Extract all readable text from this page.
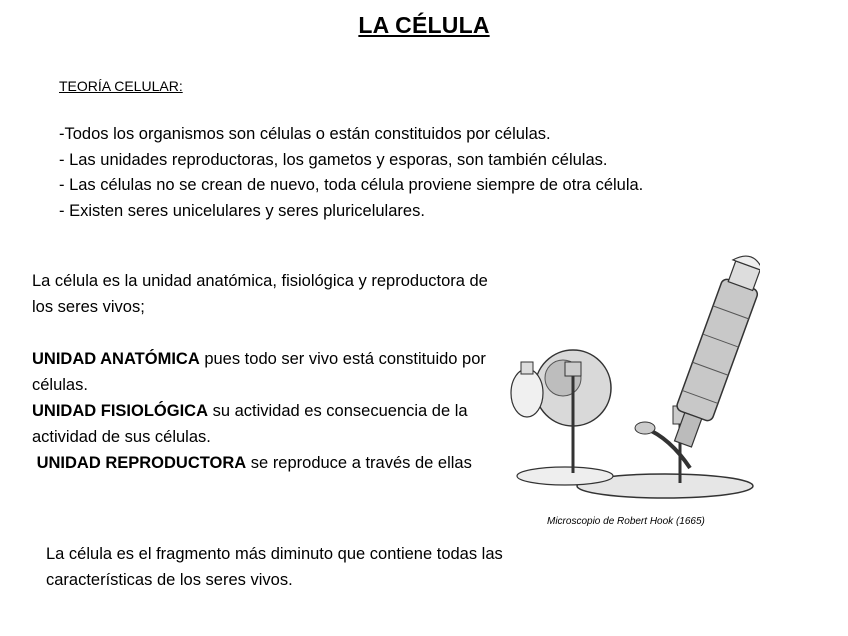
LA CÉLULA
TEORÍA CELULAR:
-Todos los organismos son células o están constituidos por células.
- Las unidades reproductoras, los gametos y esporas, son también células.
- Las células no se crean de nuevo, toda célula proviene siempre de otra célula.
- Existen seres unicelulares y seres pluricelulares.

La célula es la unidad anatómica, fisiológica y reproductora de los seres vivos;

UNIDAD ANATÓMICA pues todo ser vivo está constituido por células.

UNIDAD FISIOLÓGICA su actividad es consecuencia de la actividad de sus células.

UNIDAD REPRODUCTORA se reproduce a través de ellas

La célula es el fragmento más diminuto que contiene todas las características de los seres vivos.
Microscopio de Robert Hook (1665)
